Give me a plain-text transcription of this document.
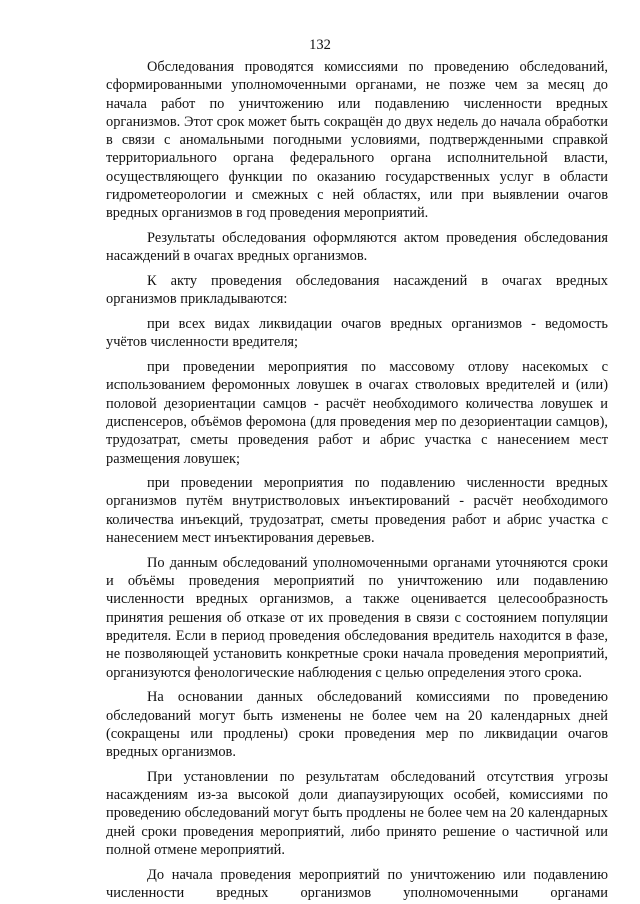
132

Обследования проводятся комиссиями по проведению обследований, сформированными уполномоченными органами, не позже чем за месяц до начала работ по уничтожению или подавлению численности вредных организмов. Этот срок может быть сокращён до двух недель до начала обработки в связи с аномальными погодными условиями, подтвержденными справкой территориального органа федерального органа исполнительной власти, осуществляющего функции по оказанию государственных услуг в области гидрометеорологии и смежных с ней областях, или при выявлении очагов вредных организмов в год проведения мероприятий.

Результаты обследования оформляются актом проведения обследования насаждений в очагах вредных организмов.

К акту проведения обследования насаждений в очагах вредных организмов прикладываются:

при всех видах ликвидации очагов вредных организмов - ведомость учётов численности вредителя;

при проведении мероприятия по массовому отлову насекомых с использованием феромонных ловушек в очагах стволовых вредителей и (или) половой дезориентации самцов - расчёт необходимого количества ловушек и диспенсеров, объёмов феромона (для проведения мер по дезориентации самцов), трудозатрат, сметы проведения работ и абрис участка с нанесением мест размещения ловушек;

при проведении мероприятия по подавлению численности вредных организмов путём внутриствoловых инъектирований - расчёт необходимого количества инъекций, трудозатрат, сметы проведения работ и абрис участка с нанесением мест инъектирования деревьев.

По данным обследований уполномоченными органами уточняются сроки и объёмы проведения мероприятий по уничтожению или подавлению численности вредных организмов, а также оценивается целесообразность принятия решения об отказе от их проведения в связи с состоянием популяции вредителя. Если в период проведения обследования вредитель находится в фазе, не позволяющей установить конкретные сроки начала проведения мероприятий, организуются фенологические наблюдения с целью определения этого срока.

На основании данных обследований комиссиями по проведению обследований могут быть изменены не более чем на 20 календарных дней (сокращены или продлены) сроки проведения мер по ликвидации очагов вредных организмов.

При установлении по результатам обследований отсутствия угрозы насаждениям из-за высокой доли диапаузирующих особей, комиссиями по проведению обследований могут быть продлены не более чем на 20 календарных дней сроки проведения мероприятий, либо принято решение о частичной или полной отмене мероприятий.

До начала проведения мероприятий по уничтожению или подавлению численности вредных организмов уполномоченными органами
